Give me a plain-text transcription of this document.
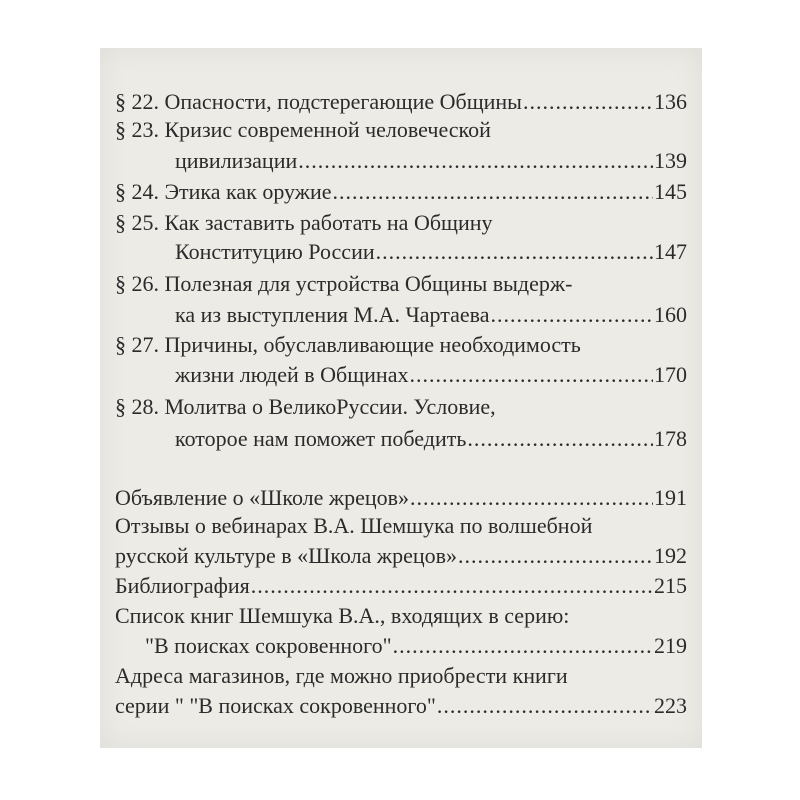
§ 22. Опасности, подстерегающие Общины .....	136
§ 23. Кризис современной человеческой
цивилизации .....	139
§ 24. Этика как оружие .....	145
§ 25. Как заставить работать на Общину
Конституцию России .....	147
§ 26. Полезная для устройства Общины выдерж-
ка из выступления М.А. Чартаева .....	160
§ 27. Причины, обуславливающие необходимость
жизни людей в Общинах .....	170
§ 28. Молитва о ВеликоРуссии. Условие,
которое нам поможет победить .....	178
Объявление о «Школе жрецов» .....	191
Отзывы о вебинарах В.А. Шемшука по волшебной
русской культуре в «Школа жрецов» .....	192
Библиография .....	215
Список книг Шемшука В.А., входящих в серию:
"В поисках сокровенного" .....	219
Адреса магазинов, где можно приобрести книги
серии " "В поисках сокровенного" .....	223
